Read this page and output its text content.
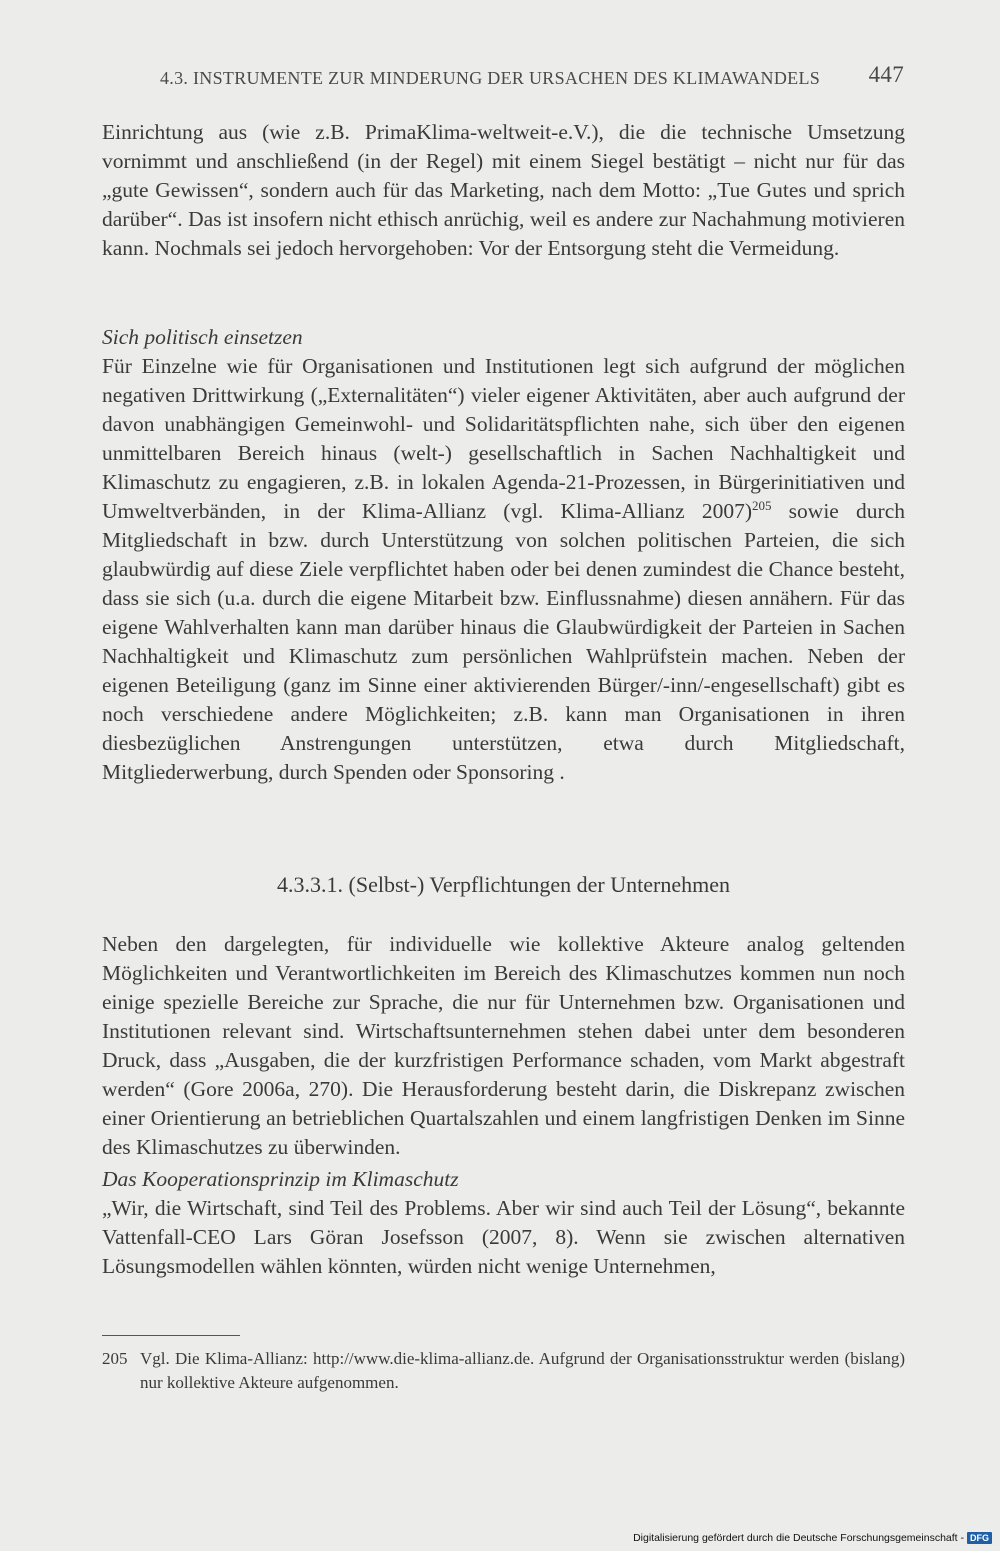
4.3. INSTRUMENTE ZUR MINDERUNG DER URSACHEN DES KLIMAWANDELS 447

Einrichtung aus (wie z.B. PrimaKlima-weltweit-e.V.), die die technische Umsetzung vornimmt und anschließend (in der Regel) mit einem Siegel bestätigt – nicht nur für das „gute Gewissen“, sondern auch für das Marketing, nach dem Motto: „Tue Gutes und sprich darüber“. Das ist insofern nicht ethisch anrüchig, weil es andere zur Nachahmung motivieren kann. Nochmals sei jedoch hervorgehoben: Vor der Entsorgung steht die Vermeidung.

Sich politisch einsetzen

Für Einzelne wie für Organisationen und Institutionen legt sich aufgrund der möglichen negativen Drittwirkung („Externalitäten“) vieler eigener Aktivitäten, aber auch aufgrund der davon unabhängigen Gemeinwohl- und Solidaritätspflichten nahe, sich über den eigenen unmittelbaren Bereich hinaus (welt-) gesellschaftlich in Sachen Nachhaltigkeit und Klimaschutz zu engagieren, z.B. in lokalen Agenda-21-Prozessen, in Bürgerinitiativen und Umweltverbänden, in der Klima-Allianz (vgl. Klima-Allianz 2007)$^{205}$ sowie durch Mitgliedschaft in bzw. durch Unterstützung von solchen politischen Parteien, die sich glaubwürdig auf diese Ziele verpflichtet haben oder bei denen zumindest die Chance besteht, dass sie sich (u.a. durch die eigene Mitarbeit bzw. Einflussnahme) diesen annähern. Für das eigene Wahlverhalten kann man darüber hinaus die Glaubwürdigkeit der Parteien in Sachen Nachhaltigkeit und Klimaschutz zum persönlichen Wahlprüfstein machen. Neben der eigenen Beteiligung (ganz im Sinne einer aktivierenden Bürger/-inn/-engesellschaft) gibt es noch verschiedene andere Möglichkeiten; z.B. kann man Organisationen in ihren diesbezüglichen Anstrengungen unterstützen, etwa durch Mitgliedschaft, Mitgliederwerbung, durch Spenden oder Sponsoring .

4.3.3.1. (Selbst-) Verpflichtungen der Unternehmen

Neben den dargelegten, für individuelle wie kollektive Akteure analog geltenden Möglichkeiten und Verantwortlichkeiten im Bereich des Klimaschutzes kommen nun noch einige spezielle Bereiche zur Sprache, die nur für Unternehmen bzw. Organisationen und Institutionen relevant sind. Wirtschaftsunternehmen stehen dabei unter dem besonderen Druck, dass „Ausgaben, die der kurzfristigen Performance schaden, vom Markt abgestraft werden“ (Gore 2006a, 270). Die Herausforderung besteht darin, die Diskrepanz zwischen einer Orientierung an betrieblichen Quartalszahlen und einem langfristigen Denken im Sinne des Klimaschutzes zu überwinden.

Das Kooperationsprinzip im Klimaschutz

„Wir, die Wirtschaft, sind Teil des Problems. Aber wir sind auch Teil der Lösung“, bekannte Vattenfall-CEO Lars Göran Josefsson (2007, 8). Wenn sie zwischen alternativen Lösungsmodellen wählen könnten, würden nicht wenige Unternehmen,

205 Vgl. Die Klima-Allianz: http://www.die-klima-allianz.de. Aufgrund der Organisationsstruktur werden (bislang) nur kollektive Akteure aufgenommen.
Digitalisierung gefördert durch die Deutsche Forschungsgemeinschaft - DFG
